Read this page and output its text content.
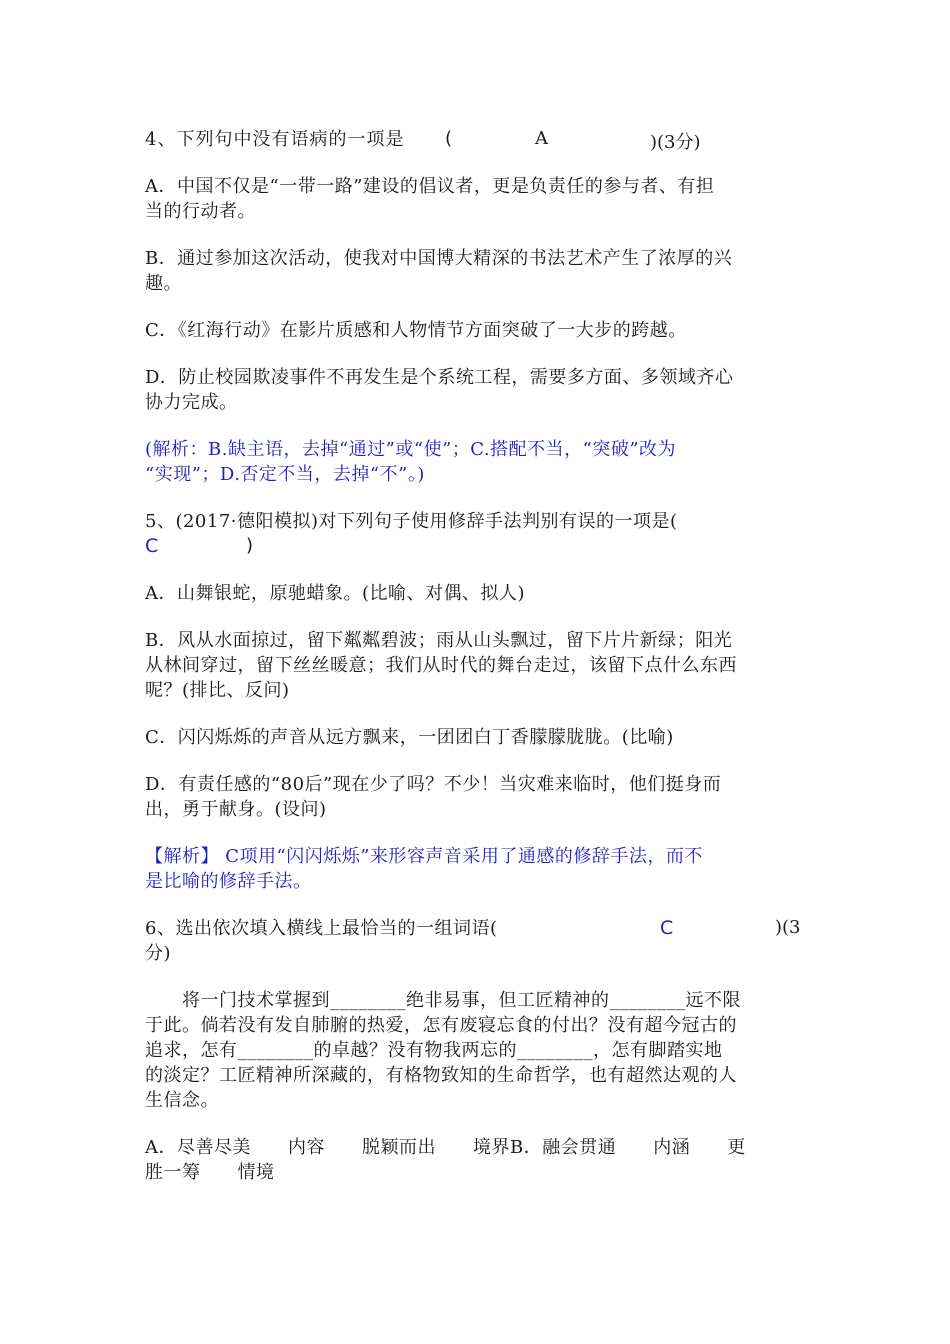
4、下列句中没有语病的一项是	(	A	)(3分)
A．中国不仅是“一带一路”建设的倡议者，更是负责任的参与者、有担
当的行动者。
B．通过参加这次活动，使我对中国博大精深的书法艺术产生了浓厚的兴
趣。
C．《红海行动》在影片质感和人物情节方面突破了一大步的跨越。
D．防止校园欺凌事件不再发生是个系统工程，需要多方面、多领域齐心
协力完成。
(解析：B.缺主语，去掉“通过”或“使”；C.搭配不当，“突破”改为
“实现”；D.否定不当，去掉“不”。)
5、(2017·德阳模拟)对下列句子使用修辞手法判别有误的一项是(
C	)
A．山舞银蛇，原驰蜡象。(比喻、对偶、拟人)
B．风从水面掠过，留下粼粼碧波；雨从山头飘过，留下片片新绿；阳光
从林间穿过，留下丝丝暖意；我们从时代的舞台走过，该留下点什么东西
呢？(排比、反问)
C．闪闪烁烁的声音从远方飘来，一团团白丁香朦朦胧胧。(比喻)
D．有责任感的“80后”现在少了吗？不少！当灾难来临时，他们挺身而
出，勇于献身。(设问)
【解析】 C项用“闪闪烁烁”来形容声音采用了通感的修辞手法，而不
是比喻的修辞手法。
6、选出依次填入横线上最恰当的一组词语(	C	)(3
分)
　　将一门技术掌握到________绝非易事，但工匠精神的________远不限
于此。倘若没有发自肺腑的热爱，怎有废寝忘食的付出？没有超今冠古的
追求，怎有________的卓越？没有物我两忘的________，怎有脚踏实地
的淡定？工匠精神所深藏的，有格物致知的生命哲学，也有超然达观的人
生信念。
A．尽善尽美　　内容　　脱颖而出　　境界B．融会贯通　　内涵　　更
胜一筹　　情境
